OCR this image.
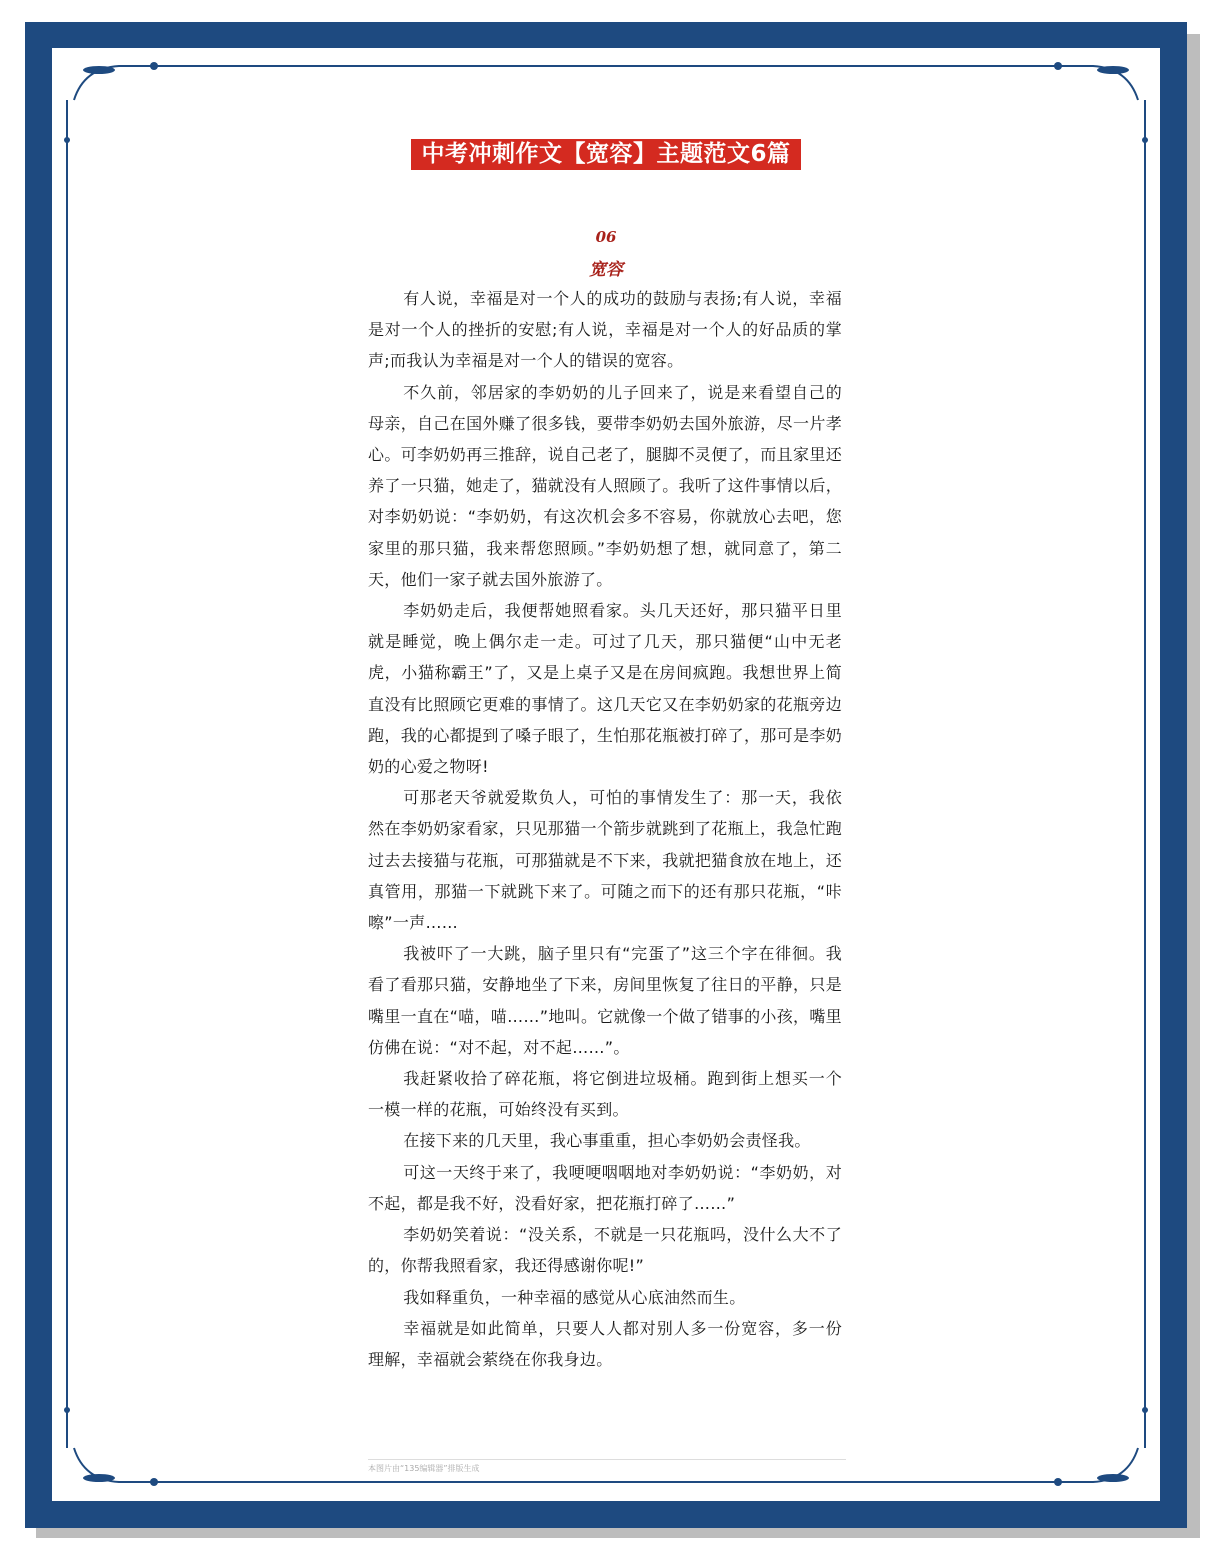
中考冲刺作文【宽容】主题范文6篇
06
宽容

有人说，幸福是对一个人的成功的鼓励与表扬;有人说，幸福是对一个人的挫折的安慰;有人说，幸福是对一个人的好品质的掌声;而我认为幸福是对一个人的错误的宽容。

不久前，邻居家的李奶奶的儿子回来了，说是来看望自己的母亲，自己在国外赚了很多钱，要带李奶奶去国外旅游，尽一片孝心。可李奶奶再三推辞，说自己老了，腿脚不灵便了，而且家里还养了一只猫，她走了，猫就没有人照顾了。我听了这件事情以后，对李奶奶说：“李奶奶，有这次机会多不容易，你就放心去吧，您家里的那只猫，我来帮您照顾。”李奶奶想了想，就同意了，第二天，他们一家子就去国外旅游了。

李奶奶走后，我便帮她照看家。头几天还好，那只猫平日里就是睡觉，晚上偶尔走一走。可过了几天，那只猫便“山中无老虎，小猫称霸王”了，又是上桌子又是在房间疯跑。我想世界上简直没有比照顾它更难的事情了。这几天它又在李奶奶家的花瓶旁边跑，我的心都提到了嗓子眼了，生怕那花瓶被打碎了，那可是李奶奶的心爱之物呀!

可那老天爷就爱欺负人，可怕的事情发生了：那一天，我依然在李奶奶家看家，只见那猫一个箭步就跳到了花瓶上，我急忙跑过去去接猫与花瓶，可那猫就是不下来，我就把猫食放在地上，还真管用，那猫一下就跳下来了。可随之而下的还有那只花瓶，“咔嚓”一声……

我被吓了一大跳，脑子里只有“完蛋了”这三个字在徘徊。我看了看那只猫，安静地坐了下来，房间里恢复了往日的平静，只是嘴里一直在“喵，喵……”地叫。它就像一个做了错事的小孩，嘴里仿佛在说：“对不起，对不起……”。

我赶紧收拾了碎花瓶，将它倒进垃圾桶。跑到街上想买一个一模一样的花瓶，可始终没有买到。

在接下来的几天里，我心事重重，担心李奶奶会责怪我。

可这一天终于来了，我哽哽咽咽地对李奶奶说：“李奶奶，对不起，都是我不好，没看好家，把花瓶打碎了……”

李奶奶笑着说：“没关系，不就是一只花瓶吗，没什么大不了的，你帮我照看家，我还得感谢你呢!”

我如释重负，一种幸福的感觉从心底油然而生。

幸福就是如此简单，只要人人都对别人多一份宽容，多一份理解，幸福就会萦绕在你我身边。

本图片由“135编辑器”排版生成
